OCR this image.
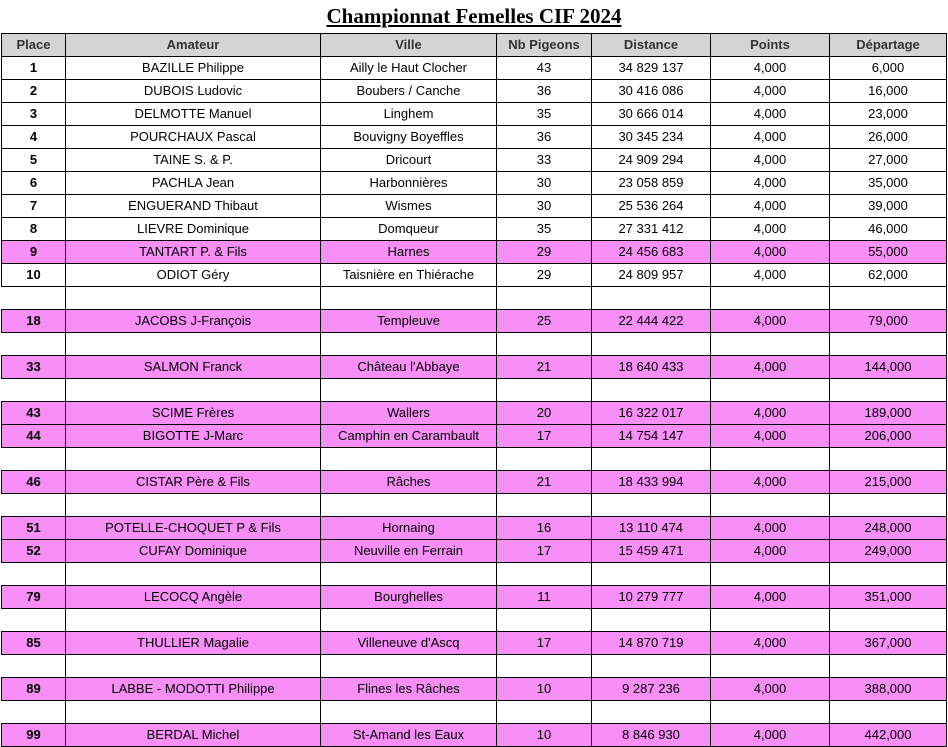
Championnat Femelles CIF 2024
Place	Amateur	Ville	Nb Pigeons	Distance	Points	Départage
1	BAZILLE Philippe	Ailly le Haut Clocher	43	34 829 137	4,000	6,000
2	DUBOIS Ludovic	Boubers / Canche	36	30 416 086	4,000	16,000
3	DELMOTTE Manuel	Linghem	35	30 666 014	4,000	23,000
4	POURCHAUX Pascal	Bouvigny Boyeffles	36	30 345 234	4,000	26,000
5	TAINE S. & P.	Dricourt	33	24 909 294	4,000	27,000
6	PACHLA Jean	Harbonnières	30	23 058 859	4,000	35,000
7	ENGUERAND Thibaut	Wismes	30	25 536 264	4,000	39,000
8	LIEVRE Dominique	Domqueur	35	27 331 412	4,000	46,000
9	TANTART P. & Fils	Harnes	29	24 456 683	4,000	55,000
10	ODIOT Géry	Taisnière en Thiérache	29	24 809 957	4,000	62,000

18	JACOBS J-François	Templeuve	25	22 444 422	4,000	79,000

33	SALMON Franck	Château l'Abbaye	21	18 640 433	4,000	144,000

43	SCIME Frères	Wallers	20	16 322 017	4,000	189,000
44	BIGOTTE J-Marc	Camphin en Carambault	17	14 754 147	4,000	206,000

46	CISTAR Père & Fils	Râches	21	18 433 994	4,000	215,000

51	POTELLE-CHOQUET P & Fils	Hornaing	16	13 110 474	4,000	248,000
52	CUFAY Dominique	Neuville en Ferrain	17	15 459 471	4,000	249,000

79	LECOCQ Angèle	Bourghelles	11	10 279 777	4,000	351,000

85	THULLIER Magalie	Villeneuve d'Ascq	17	14 870 719	4,000	367,000

89	LABBE - MODOTTI Philippe	Flines les Râches	10	9 287 236	4,000	388,000

99	BERDAL Michel	St-Amand les Eaux	10	8 846 930	4,000	442,000
